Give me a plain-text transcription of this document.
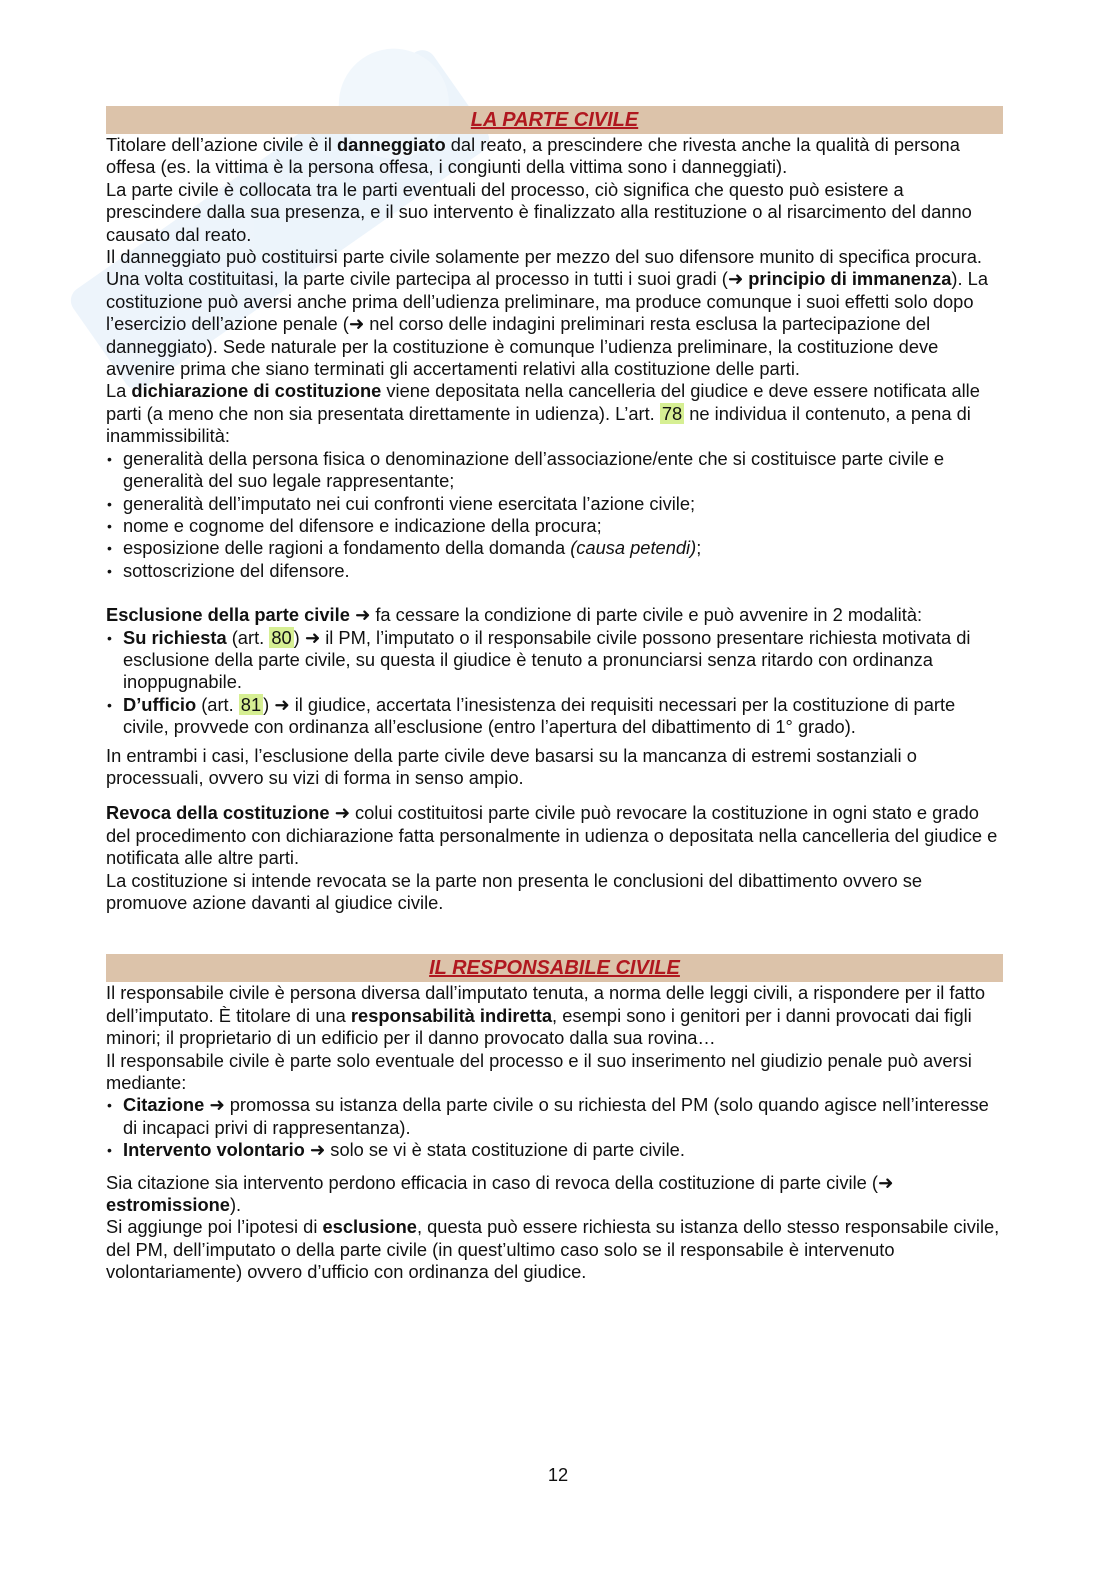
LA PARTE CIVILE

Titolare dell’azione civile è il danneggiato dal reato, a prescindere che rivesta anche la qualità di persona offesa (es. la vittima è la persona offesa, i congiunti della vittima sono i danneggiati).

La parte civile è collocata tra le parti eventuali del processo, ciò significa che questo può esistere a prescindere dalla sua presenza, e il suo intervento è finalizzato alla restituzione o al risarcimento del danno causato dal reato.

Il danneggiato può costituirsi parte civile solamente per mezzo del suo difensore munito di specifica procura. Una volta costituitasi, la parte civile partecipa al processo in tutti i suoi gradi (➜ principio di immanenza). La costituzione può aversi anche prima dell’udienza preliminare, ma produce comunque i suoi effetti solo dopo l’esercizio dell’azione penale (➜ nel corso delle indagini preliminari resta esclusa la partecipazione del danneggiato). Sede naturale per la costituzione è comunque l’udienza preliminare, la costituzione deve avvenire prima che siano terminati gli accertamenti relativi alla costituzione delle parti.

La dichiarazione di costituzione viene depositata nella cancelleria del giudice e deve essere notificata alle parti (a meno che non sia presentata direttamente in udienza). L’art. 78 ne individua il contenuto, a pena di inammissibilità:

• generalità della persona fisica o denominazione dell’associazione/ente che si costituisce parte civile e generalità del suo legale rappresentante;
• generalità dell’imputato nei cui confronti viene esercitata l’azione civile;
• nome e cognome del difensore e indicazione della procura;
• esposizione delle ragioni a fondamento della domanda (causa petendi);
• sottoscrizione del difensore.

Esclusione della parte civile ➜ fa cessare la condizione di parte civile e può avvenire in 2 modalità:

• Su richiesta (art. 80 ) ➜ il PM, l’imputato o il responsabile civile possono presentare richiesta motivata di esclusione della parte civile, su questa il giudice è tenuto a pronunciarsi senza ritardo con ordinanza inoppugnabile.
• D’ufficio (art. 81 ) ➜ il giudice, accertata l’inesistenza dei requisiti necessari per la costituzione di parte civile, provvede con ordinanza all’esclusione (entro l’apertura del dibattimento di 1° grado).

In entrambi i casi, l’esclusione della parte civile deve basarsi su la mancanza di estremi sostanziali o processuali, ovvero su vizi di forma in senso ampio.

Revoca della costituzione ➜ colui costituitosi parte civile può revocare la costituzione in ogni stato e grado del procedimento con dichiarazione fatta personalmente in udienza o depositata nella cancelleria del giudice e notificata alle altre parti.

La costituzione si intende revocata se la parte non presenta le conclusioni del dibattimento ovvero se promuove azione davanti al giudice civile.

IL RESPONSABILE CIVILE

Il responsabile civile è persona diversa dall’imputato tenuta, a norma delle leggi civili, a rispondere per il fatto dell’imputato. È titolare di una responsabilità indiretta, esempi sono i genitori per i danni provocati dai figli minori; il proprietario di un edificio per il danno provocato dalla sua rovina…

Il responsabile civile è parte solo eventuale del processo e il suo inserimento nel giudizio penale può aversi mediante:

• Citazione ➜ promossa su istanza della parte civile o su richiesta del PM (solo quando agisce nell’interesse di incapaci privi di rappresentanza).
• Intervento volontario ➜ solo se vi è stata costituzione di parte civile.

Sia citazione sia intervento perdono efficacia in caso di revoca della costituzione di parte civile (➜ estromissione).

Si aggiunge poi l’ipotesi di esclusione, questa può essere richiesta su istanza dello stesso responsabile civile, del PM, dell’imputato o della parte civile (in quest’ultimo caso solo se il responsabile è intervenuto volontariamente) ovvero d’ufficio con ordinanza del giudice.

12
